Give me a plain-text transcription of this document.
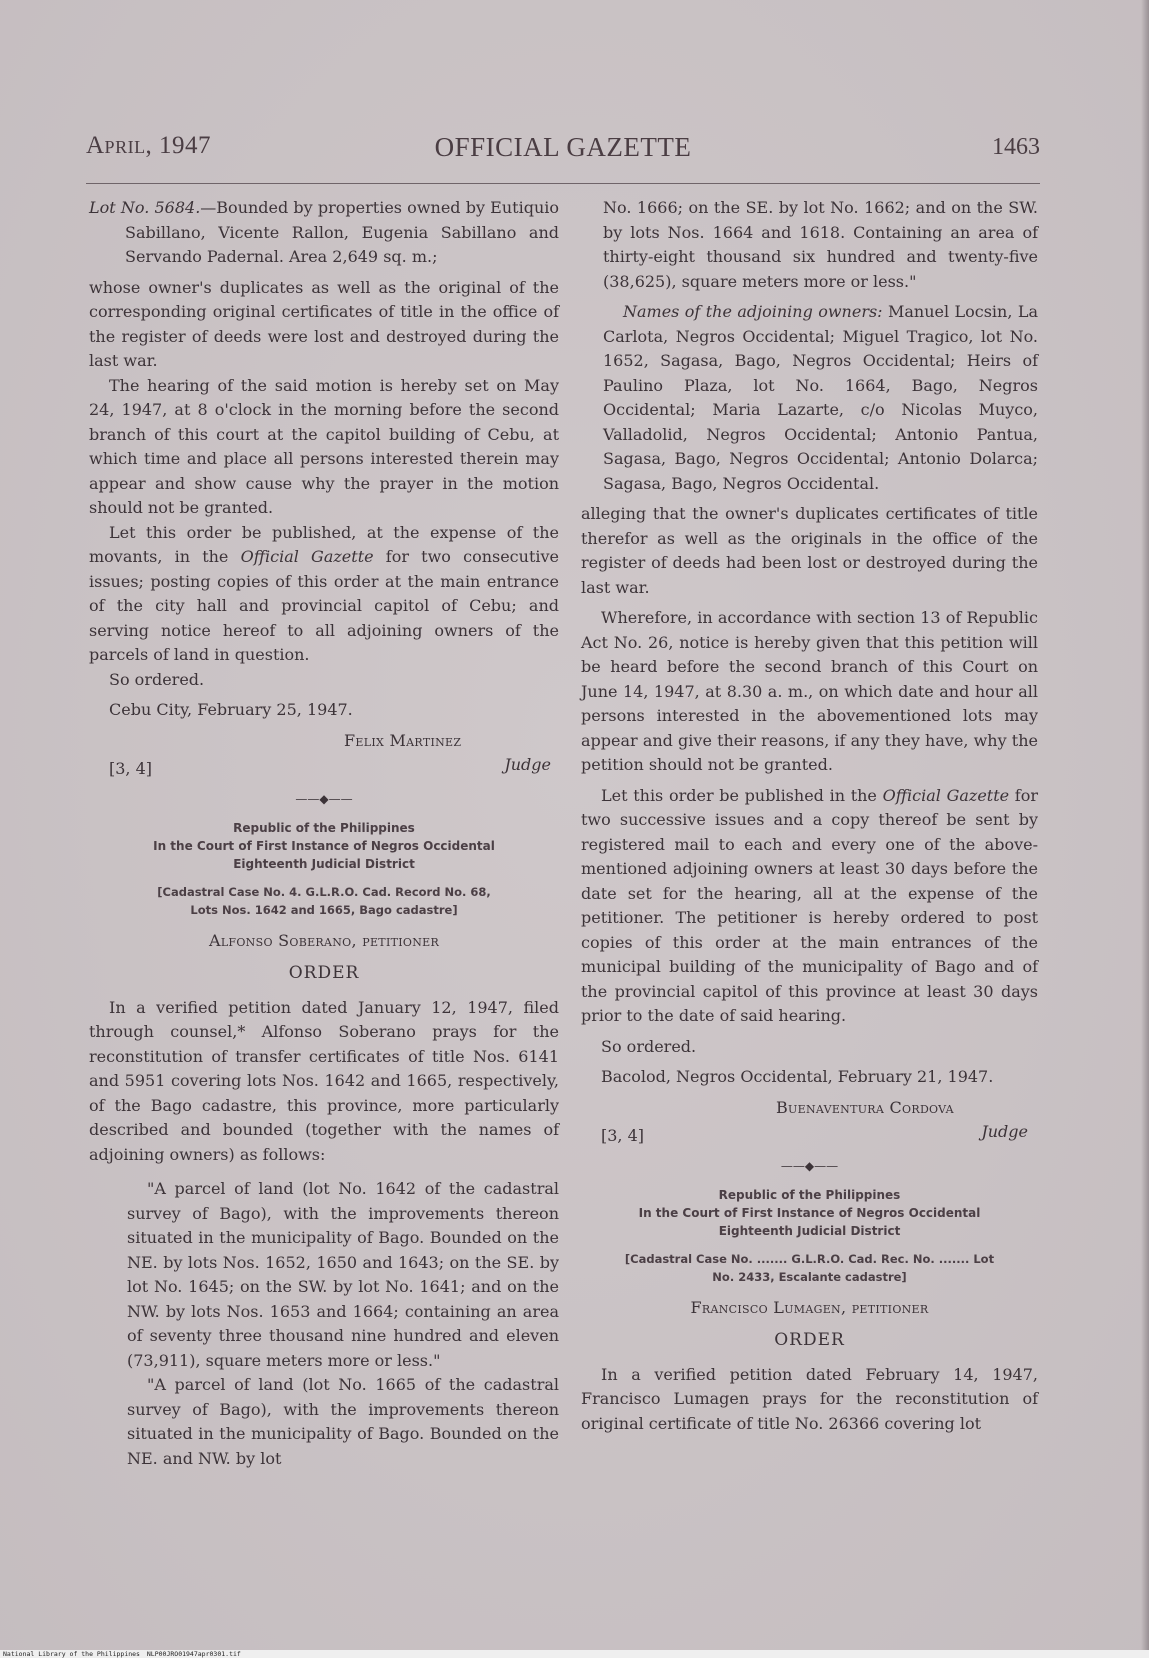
April, 1947	OFFICIAL GAZETTE	1463

Lot No. 5684.—Bounded by properties owned by Eutiquio Sabillano, Vicente Rallon, Eugenia Sabillano and Servando Padernal. Area 2,649 sq. m.;

whose owner's duplicates as well as the original of the corresponding original certificates of title in the office of the register of deeds were lost and destroyed during the last war.

The hearing of the said motion is hereby set on May 24, 1947, at 8 o'clock in the morning before the second branch of this court at the capitol building of Cebu, at which time and place all persons interested therein may appear and show cause why the prayer in the motion should not be granted.

Let this order be published, at the expense of the movants, in the Official Gazette for two consecutive issues; posting copies of this order at the main entrance of the city hall and provincial capitol of Cebu; and serving notice hereof to all adjoining owners of the parcels of land in question.

So ordered.

Cebu City, February 25, 1947.

Felix Martinez
[3, 4]	Judge
——◆——
Republic of the Philippines
In the Court of First Instance of Negros Occidental
Eighteenth Judicial District
[Cadastral Case No. 4. G.L.R.O. Cad. Record No. 68,
Lots Nos. 1642 and 1665, Bago cadastre]

Alfonso Soberano, petitioner

ORDER

In a verified petition dated January 12, 1947, filed through counsel,* Alfonso Soberano prays for the reconstitution of transfer certificates of title Nos. 6141 and 5951 covering lots Nos. 1642 and 1665, respectively, of the Bago cadastre, this province, more particularly described and bounded (together with the names of adjoining owners) as follows:

"A parcel of land (lot No. 1642 of the cadastral survey of Bago), with the improvements thereon situated in the municipality of Bago. Bounded on the NE. by lots Nos. 1652, 1650 and 1643; on the SE. by lot No. 1645; on the SW. by lot No. 1641; and on the NW. by lots Nos. 1653 and 1664; containing an area of seventy three thousand nine hundred and eleven (73,911), square meters more or less."

"A parcel of land (lot No. 1665 of the cadastral survey of Bago), with the improvements thereon situated in the municipality of Bago. Bounded on the NE. and NW. by lot

No. 1666; on the SE. by lot No. 1662; and on the SW. by lots Nos. 1664 and 1618. Containing an area of thirty-eight thousand six hundred and twenty-five (38,625), square meters more or less."

Names of the adjoining owners: Manuel Locsin, La Carlota, Negros Occidental; Miguel Tragico, lot No. 1652, Sagasa, Bago, Negros Occidental; Heirs of Paulino Plaza, lot No. 1664, Bago, Negros Occidental; Maria Lazarte, c/o Nicolas Muyco, Valladolid, Negros Occidental; Antonio Pantua, Sagasa, Bago, Negros Occidental; Antonio Dolarca; Sagasa, Bago, Negros Occidental.

alleging that the owner's duplicates certificates of title therefor as well as the originals in the office of the register of deeds had been lost or destroyed during the last war.

Wherefore, in accordance with section 13 of Republic Act No. 26, notice is hereby given that this petition will be heard before the second branch of this Court on June 14, 1947, at 8.30 a. m., on which date and hour all persons interested in the abovementioned lots may appear and give their reasons, if any they have, why the petition should not be granted.

Let this order be published in the Official Gazette for two successive issues and a copy thereof be sent by registered mail to each and every one of the above-mentioned adjoining owners at least 30 days before the date set for the hearing, all at the expense of the petitioner. The petitioner is hereby ordered to post copies of this order at the main entrances of the municipal building of the municipality of Bago and of the provincial capitol of this province at least 30 days prior to the date of said hearing.

So ordered.

Bacolod, Negros Occidental, February 21, 1947.

Buenaventura Cordova
[3, 4]	Judge
——◆——
Republic of the Philippines
In the Court of First Instance of Negros Occidental
Eighteenth Judicial District
[Cadastral Case No. ....... G.L.R.O. Cad. Rec. No. ....... Lot
No. 2433, Escalante cadastre]

Francisco Lumagen, petitioner

ORDER

In a verified petition dated February 14, 1947, Francisco Lumagen prays for the reconstitution of original certificate of title No. 26366 covering lot

National Library of the Philippines NLP00JRO01947apr0301.tif
